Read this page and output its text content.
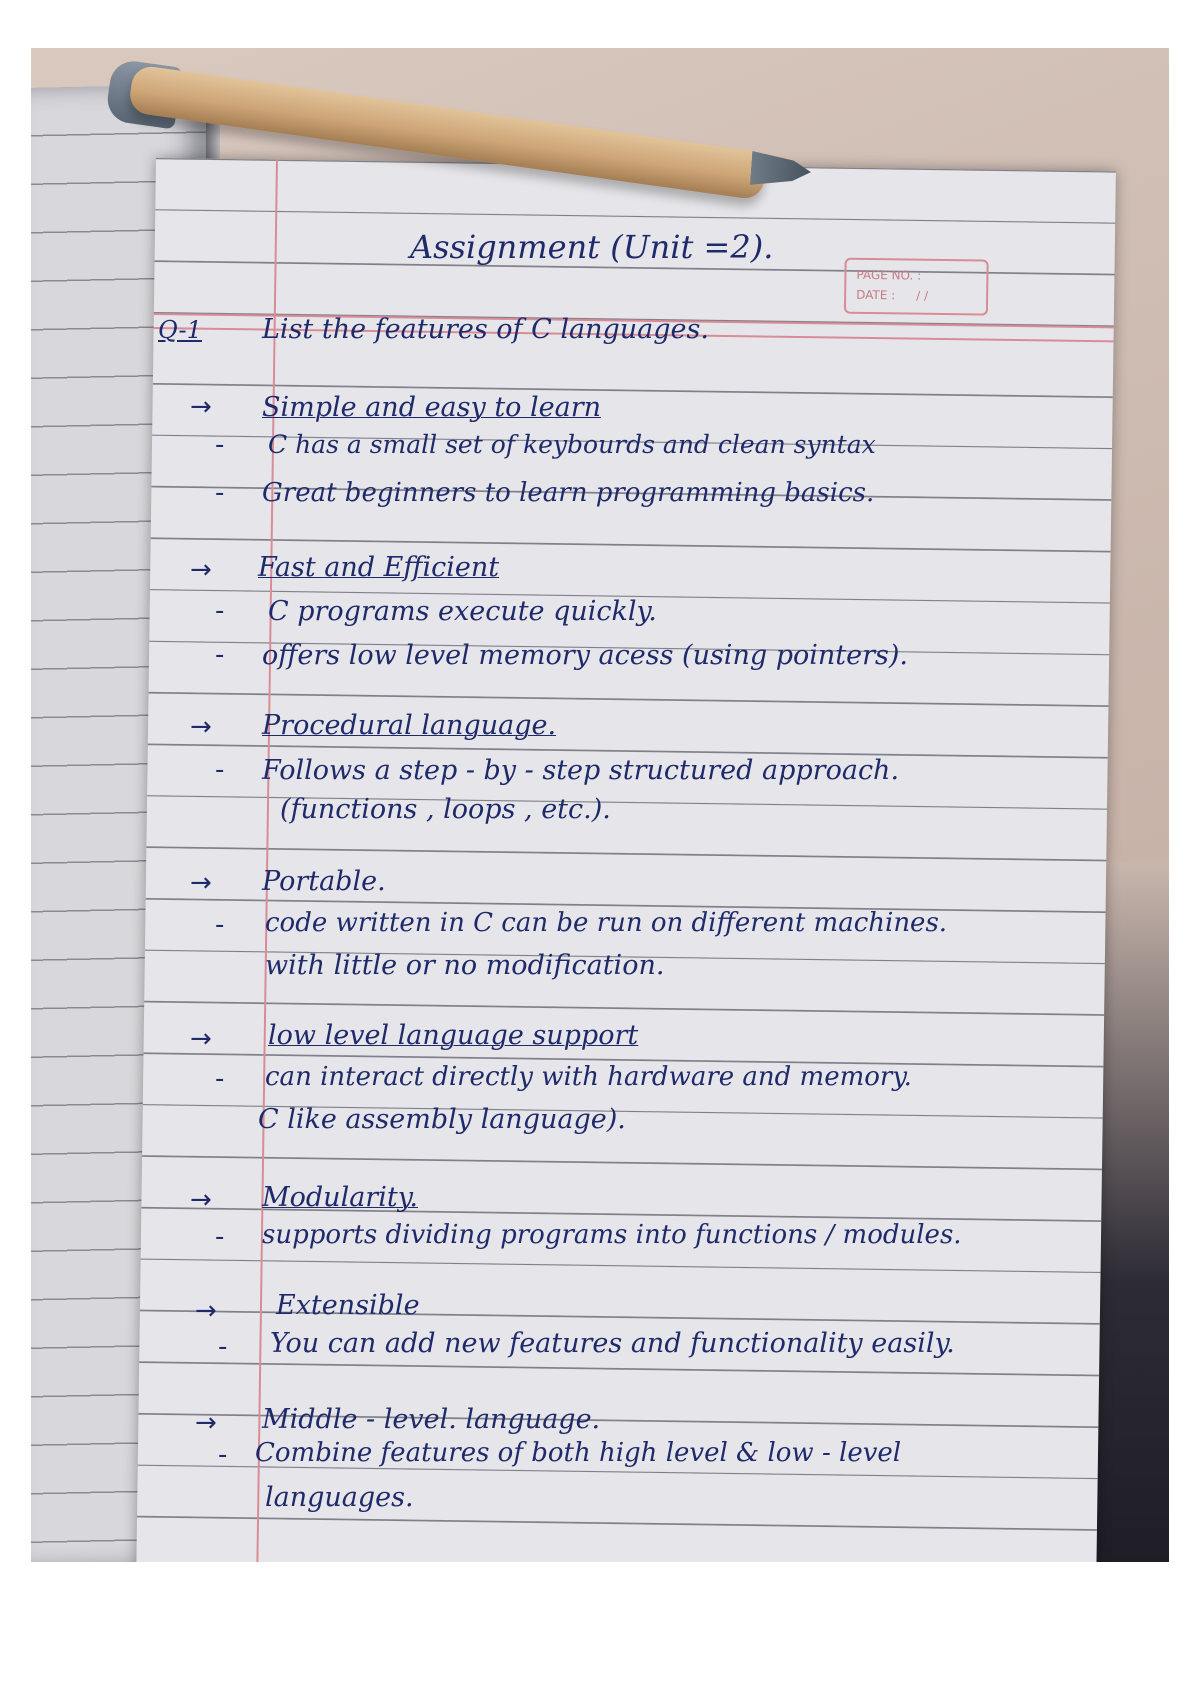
PAGE NO. :
DATE : / /
Assignment (Unit =2).
Q-1 List the features of C languages.
→ Simple and easy to learn
- C has a small set of keybourds and clean syntax
- Great beginners to learn programming basics.
→ Fast and Efficient
- C programs execute quickly.
- offers low level memory acess (using pointers).
→ Procedural language.
- Follows a step - by - step structured approach.
(functions , loops , etc.).
→ Portable.
- code written in C can be run on different machines.
with little or no modification.
→ low level language support
- can interact directly with hardware and memory.
C like assembly language).
→ Modularity.
- supports dividing programs into functions / modules.
→ Extensible
- You can add new features and functionality easily.
→ Middle - level. language.
- Combine features of both high level & low - level
languages.
